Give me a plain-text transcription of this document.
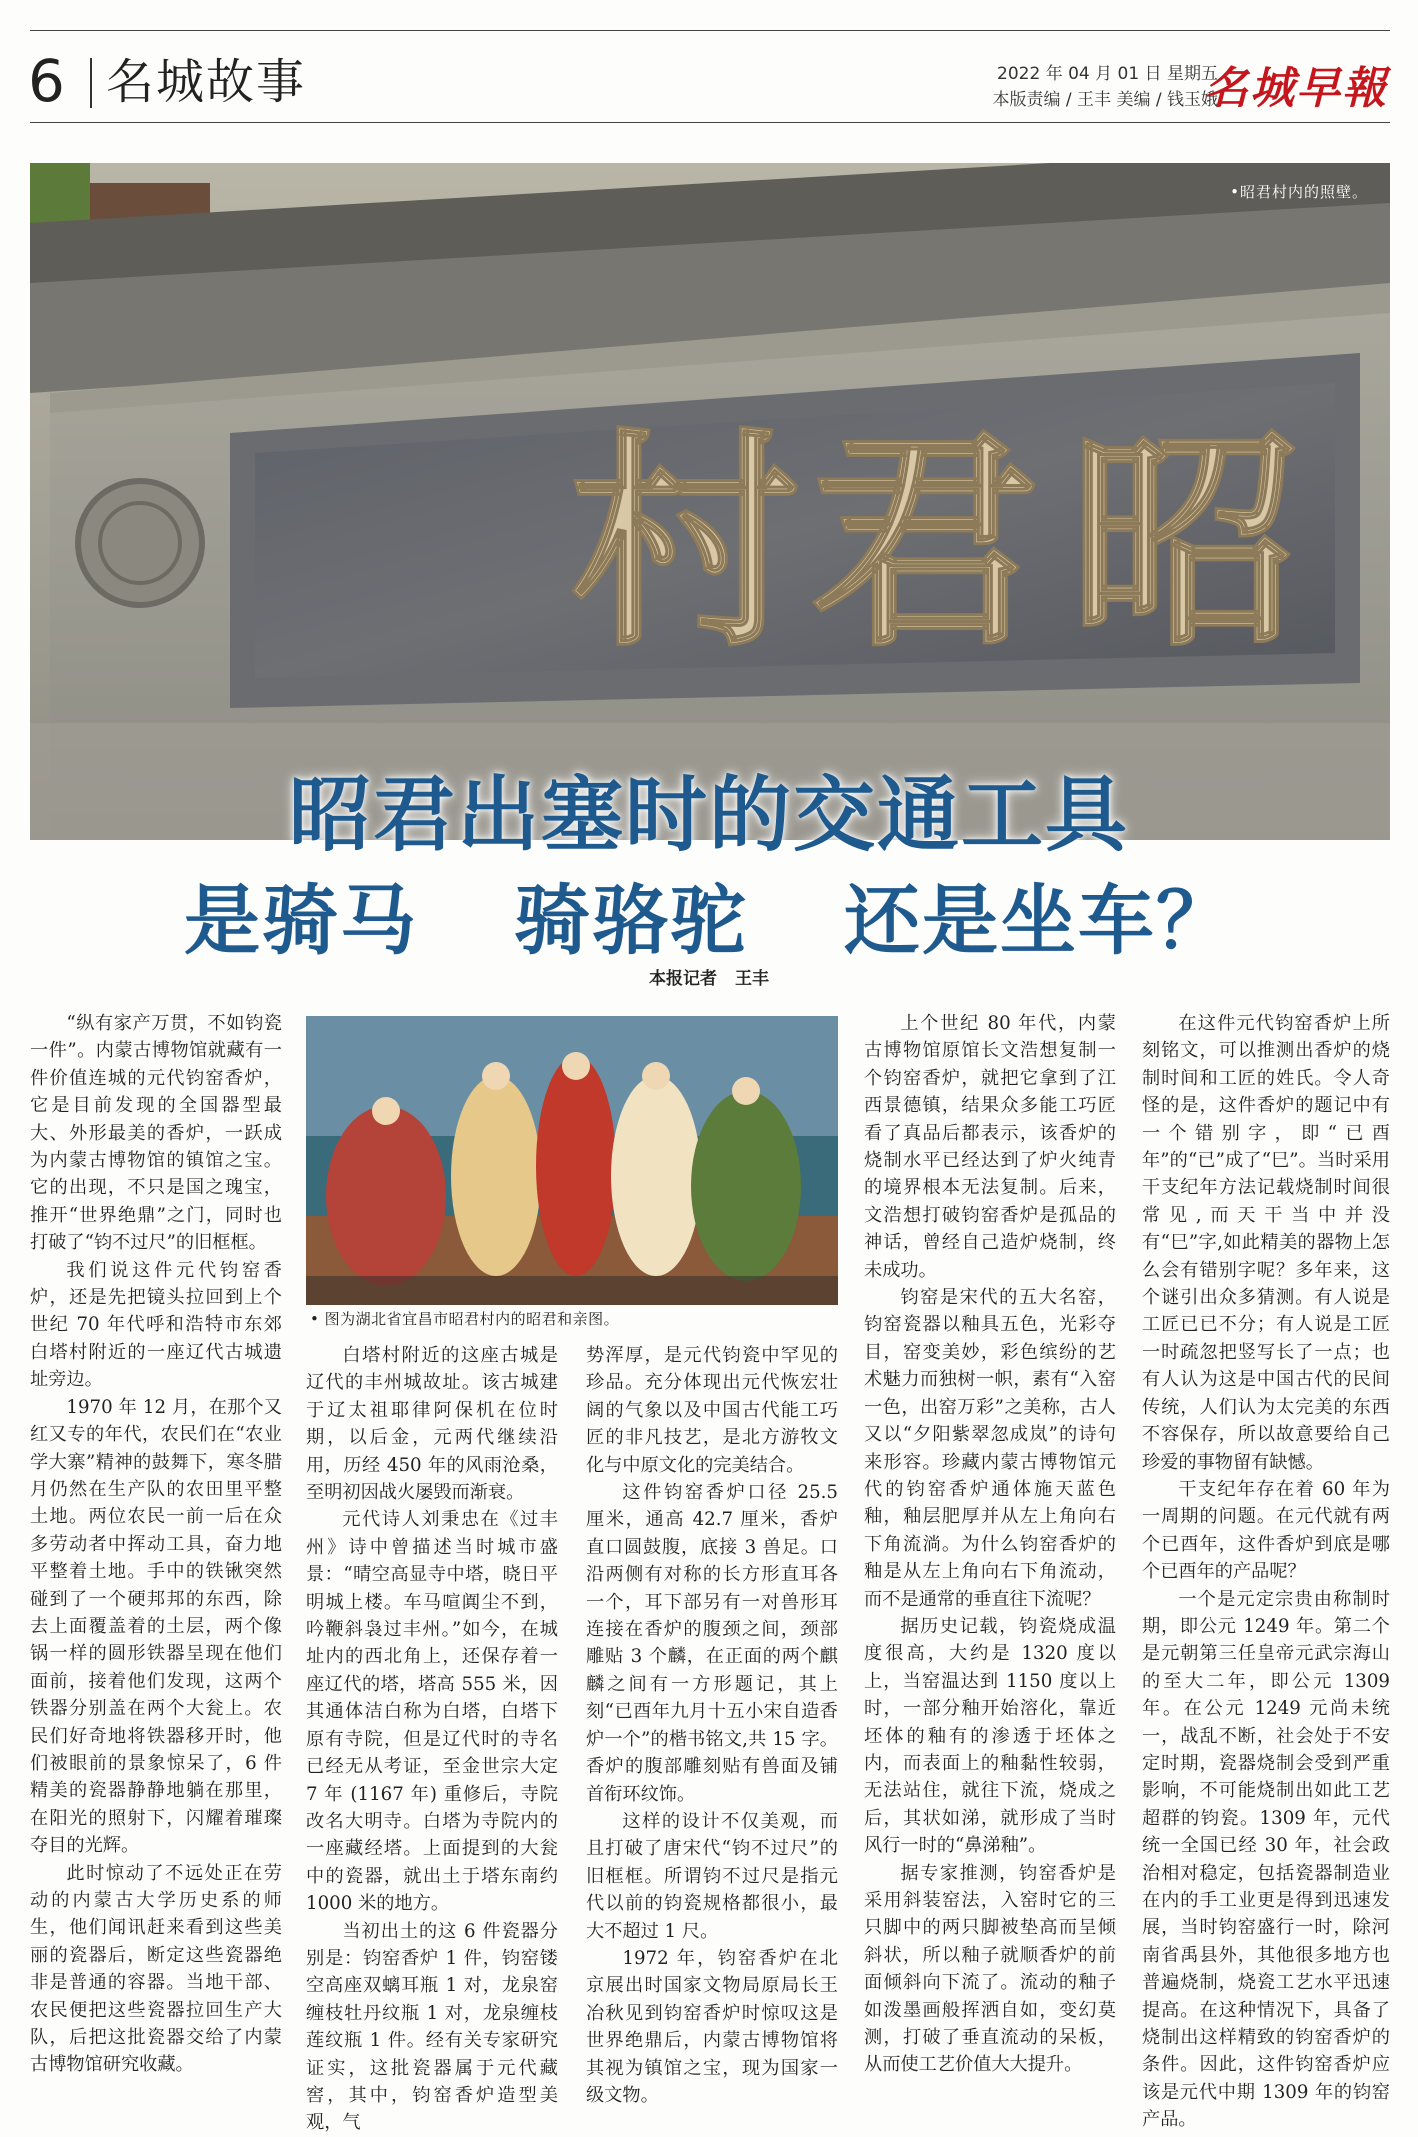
6 名城故事	2022 年 04 月 01 日 星期五
本版责编 / 王丰 美编 / 钱玉娥
名城早報
昭君村
•昭君村内的照壁。
昭君出塞时的交通工具
是骑马 骑骆驼 还是坐车？
本报记者 王丰

“纵有家产万贯，不如钧瓷一件”。内蒙古博物馆就藏有一件价值连城的元代钧窑香炉，它是目前发现的全国器型最大、外形最美的香炉，一跃成为内蒙古博物馆的镇馆之宝。它的出现，不只是国之瑰宝，推开“世界绝鼎”之门，同时也打破了“钧不过尺”的旧框框。

我们说这件元代钧窑香炉，还是先把镜头拉回到上个世纪 70 年代呼和浩特市东郊白塔村附近的一座辽代古城遗址旁边。

1970 年 12 月，在那个又红又专的年代，农民们在“农业学大寨”精神的鼓舞下，寒冬腊月仍然在生产队的农田里平整土地。两位农民一前一后在众多劳动者中挥动工具，奋力地平整着土地。手中的铁锹突然碰到了一个硬邦邦的东西，除去上面覆盖着的土层，两个像锅一样的圆形铁器呈现在他们面前，接着他们发现，这两个铁器分别盖在两个大瓮上。农民们好奇地将铁器移开时，他们被眼前的景象惊呆了，6 件精美的瓷器静静地躺在那里，在阳光的照射下，闪耀着璀璨夺目的光辉。

此时惊动了不远处正在劳动的内蒙古大学历史系的师生，他们闻讯赶来看到这些美丽的瓷器后，断定这些瓷器绝非是普通的容器。当地干部、农民便把这些瓷器拉回生产大队，后把这批瓷器交给了内蒙古博物馆研究收藏。

• 图为湖北省宜昌市昭君村内的昭君和亲图。

白塔村附近的这座古城是辽代的丰州城故址。该古城建于辽太祖耶律阿保机在位时期，以后金，元两代继续沿用，历经 450 年的风雨沧桑，至明初因战火屡毁而渐衰。

元代诗人刘秉忠在《过丰州》诗中曾描述当时城市盛景：“晴空高显寺中塔，晓日平明城上楼。车马喧阗尘不到，吟鞭斜袅过丰州。”如今，在城址内的西北角上，还保存着一座辽代的塔，塔高 555 米，因其通体洁白称为白塔，白塔下原有寺院，但是辽代时的寺名已经无从考证，至金世宗大定 7 年 (1167 年) 重修后，寺院改名大明寺。白塔为寺院内的一座藏经塔。上面提到的大瓮中的瓷器，就出土于塔东南约 1000 米的地方。

当初出土的这 6 件瓷器分别是：钧窑香炉 1 件，钧窑镂空高座双螭耳瓶 1 对，龙泉窑缠枝牡丹纹瓶 1 对，龙泉缠枝莲纹瓶 1 件。经有关专家研究证实，这批瓷器属于元代藏窖，其中，钧窑香炉造型美观，气

势浑厚，是元代钧瓷中罕见的珍品。充分体现出元代恢宏壮阔的气象以及中国古代能工巧匠的非凡技艺，是北方游牧文化与中原文化的完美结合。

这件钧窑香炉口径 25.5 厘米，通高 42.7 厘米，香炉直口圆鼓腹，底接 3 兽足。口沿两侧有对称的长方形直耳各一个，耳下部另有一对兽形耳连接在香炉的腹颈之间，颈部雕贴 3 个麟，在正面的两个麒麟之间有一方形题记，其上刻“已酉年九月十五小宋自造香炉一个”的楷书铭文,共 15 字。香炉的腹部雕刻贴有兽面及铺首衔环纹饰。

这样的设计不仅美观，而且打破了唐宋代“钧不过尺”的旧框框。所谓钧不过尺是指元代以前的钧瓷规格都很小，最大不超过 1 尺。

1972 年，钧窑香炉在北京展出时国家文物局原局长王冶秋见到钧窑香炉时惊叹这是世界绝鼎后，内蒙古博物馆将其视为镇馆之宝，现为国家一级文物。

上个世纪 80 年代，内蒙古博物馆原馆长文浩想复制一个钧窑香炉，就把它拿到了江西景德镇，结果众多能工巧匠看了真品后都表示，该香炉的烧制水平已经达到了炉火纯青的境界根本无法复制。后来，文浩想打破钧窑香炉是孤品的神话，曾经自己造炉烧制，终未成功。

钧窑是宋代的五大名窑，钧窑瓷器以釉具五色，光彩夺目，窑变美妙，彩色缤纷的艺术魅力而独树一帜，素有“入窑一色，出窑万彩”之美称，古人又以“夕阳紫翠忽成岚”的诗句来形容。珍藏内蒙古博物馆元代的钧窑香炉通体施天蓝色釉，釉层肥厚并从左上角向右下角流淌。为什么钧窑香炉的釉是从左上角向右下角流动，而不是通常的垂直往下流呢？

据历史记载，钧瓷烧成温度很高，大约是 1320 度以上，当窑温达到 1150 度以上时，一部分釉开始溶化，靠近坯体的釉有的渗透于坯体之内，而表面上的釉黏性较弱，无法站住，就往下流，烧成之后，其状如涕，就形成了当时风行一时的“鼻涕釉”。

据专家推测，钧窑香炉是采用斜装窑法，入窑时它的三只脚中的两只脚被垫高而呈倾斜状，所以釉子就顺香炉的前面倾斜向下流了。流动的釉子如泼墨画般挥洒自如，变幻莫测，打破了垂直流动的呆板，从而使工艺价值大大提升。

在这件元代钧窑香炉上所刻铭文，可以推测出香炉的烧制时间和工匠的姓氏。令人奇怪的是，这件香炉的题记中有一个错别字，即“已酉年”的“已”成了“巳”。当时采用干支纪年方法记载烧制时间很常见,而天干当中并没有“巳”字,如此精美的器物上怎么会有错别字呢？多年来，这个谜引出众多猜测。有人说是工匠已已不分；有人说是工匠一时疏忽把竖写长了一点；也有人认为这是中国古代的民间传统，人们认为太完美的东西不容保存，所以故意要给自己珍爱的事物留有缺憾。

干支纪年存在着 60 年为一周期的问题。在元代就有两个已酉年，这件香炉到底是哪个已酉年的产品呢？

一个是元定宗贵由称制时期，即公元 1249 年。第二个是元朝第三任皇帝元武宗海山的至大二年，即公元 1309 年。在公元 1249 元尚未统一，战乱不断，社会处于不安定时期，瓷器烧制会受到严重影响，不可能烧制出如此工艺超群的钧瓷。1309 年，元代统一全国已经 30 年，社会政治相对稳定，包括瓷器制造业在内的手工业更是得到迅速发展，当时钧窑盛行一时，除河南省禹县外，其他很多地方也普遍烧制，烧瓷工艺水平迅速提高。在这种情况下，具备了烧制出这样精致的钧窑香炉的条件。因此，这件钧窑香炉应该是元代中期 1309 年的钧窑产品。
